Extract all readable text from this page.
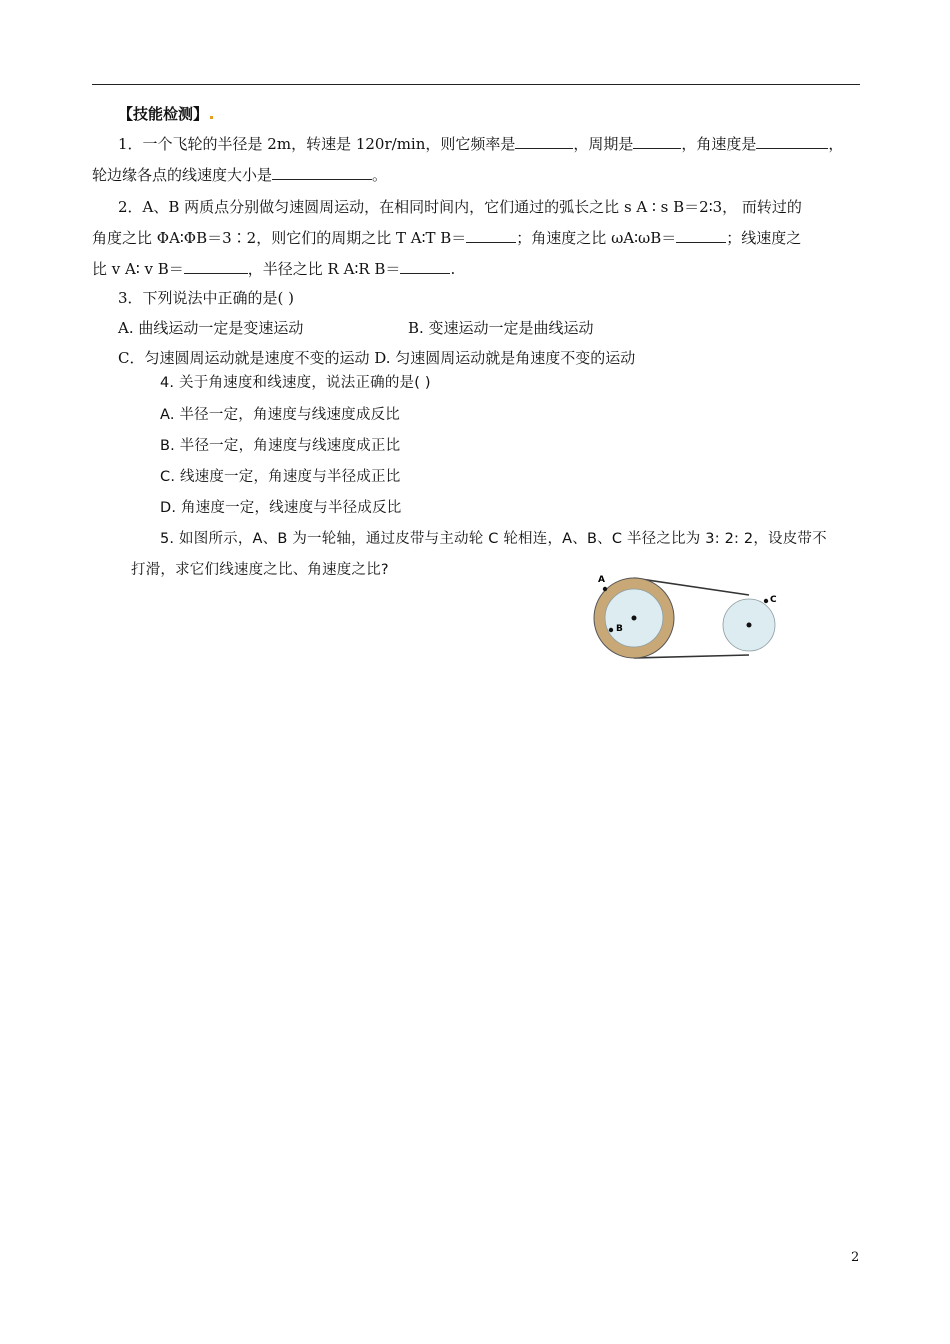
【技能检测】
1．一个飞轮的半径是 2m，转速是 120r/min，则它频率是	，周期是	，角速度是	，
轮边缘各点的线速度大小是	。
2．A、B 两质点分别做匀速圆周运动，在相同时间内，它们通过的弧长之比 s A ∶ s B＝2∶3， 而转过的
角度之比 ΦA∶ΦB＝3∶2，则它们的周期之比 T A∶T B＝	；角速度之比 ωA∶ωB＝	；线速度之
比 v A∶ v B＝	，半径之比 R A∶R B＝	.
3．下列说法中正确的是( )
A. 曲线运动一定是变速运动	B. 变速运动一定是曲线运动
C．匀速圆周运动就是速度不变的运动 D. 匀速圆周运动就是角速度不变的运动
4. 关于角速度和线速度，说法正确的是( )
A. 半径一定，角速度与线速度成反比
B. 半径一定，角速度与线速度成正比
C. 线速度一定，角速度与半径成正比
D. 角速度一定，线速度与半径成反比
5. 如图所示，A、B 为一轮轴，通过皮带与主动轮 C 轮相连，A、B、C 半径之比为 3: 2: 2，设皮带不
打滑，求它们线速度之比、角速度之比?
A
B
C
2
